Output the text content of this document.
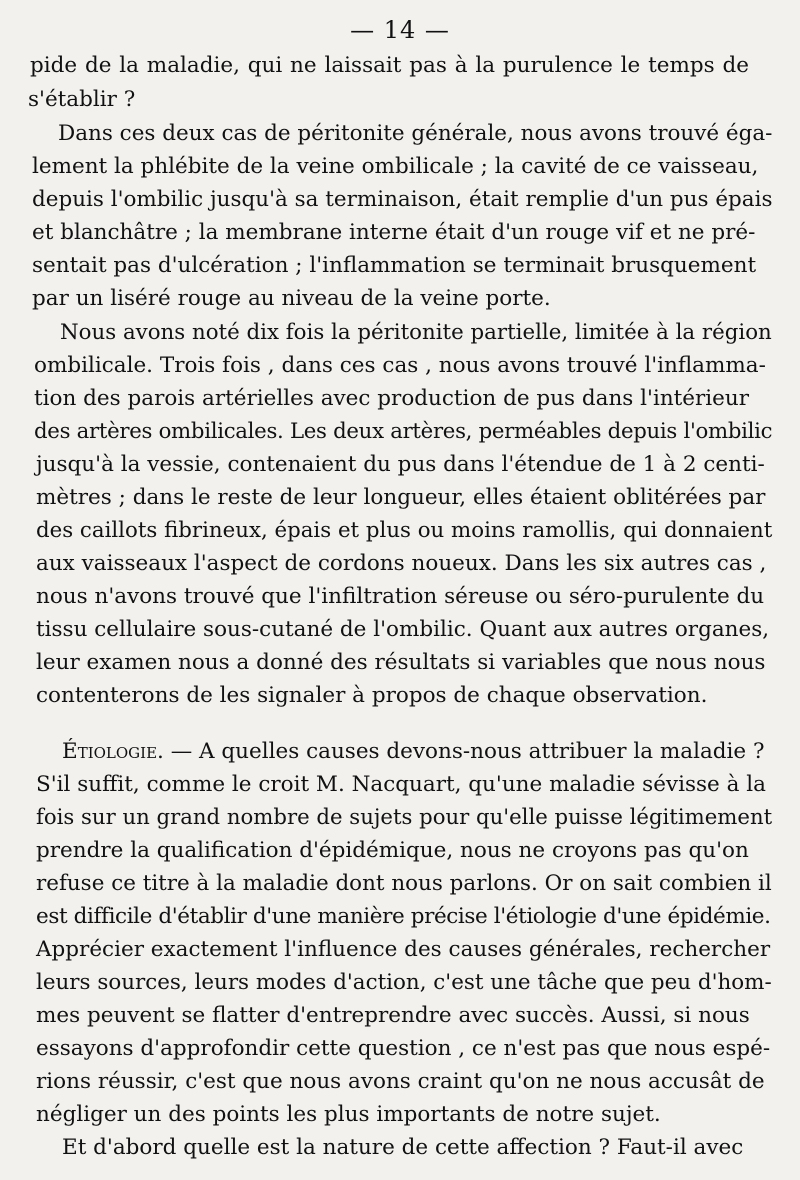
— 14 —
pide de la maladie, qui ne laissait pas à la purulence le temps de
s'établir ?
Dans ces deux cas de péritonite générale, nous avons trouvé éga-
lement la phlébite de la veine ombilicale ; la cavité de ce vaisseau,
depuis l'ombilic jusqu'à sa terminaison, était remplie d'un pus épais
et blanchâtre ; la membrane interne était d'un rouge vif et ne pré-
sentait pas d'ulcération ; l'inflammation se terminait brusquement
par un liséré rouge au niveau de la veine porte.
Nous avons noté dix fois la péritonite partielle, limitée à la région
ombilicale. Trois fois , dans ces cas , nous avons trouvé l'inflamma-
tion des parois artérielles avec production de pus dans l'intérieur
des artères ombilicales. Les deux artères, perméables depuis l'ombilic
jusqu'à la vessie, contenaient du pus dans l'étendue de 1 à 2 centi-
mètres ; dans le reste de leur longueur, elles étaient oblitérées par
des caillots fibrineux, épais et plus ou moins ramollis, qui donnaient
aux vaisseaux l'aspect de cordons noueux. Dans les six autres cas ,
nous n'avons trouvé que l'infiltration séreuse ou séro-purulente du
tissu cellulaire sous-cutané de l'ombilic. Quant aux autres organes,
leur examen nous a donné des résultats si variables que nous nous
contenterons de les signaler à propos de chaque observation.
Étiologie. — A quelles causes devons-nous attribuer la maladie ?
S'il suffit, comme le croit M. Nacquart, qu'une maladie sévisse à la
fois sur un grand nombre de sujets pour qu'elle puisse légitimement
prendre la qualification d'épidémique, nous ne croyons pas qu'on
refuse ce titre à la maladie dont nous parlons. Or on sait combien il
est difficile d'établir d'une manière précise l'étiologie d'une épidémie.
Apprécier exactement l'influence des causes générales, rechercher
leurs sources, leurs modes d'action, c'est une tâche que peu d'hom-
mes peuvent se flatter d'entreprendre avec succès. Aussi, si nous
essayons d'approfondir cette question , ce n'est pas que nous espé-
rions réussir, c'est que nous avons craint qu'on ne nous accusât de
négliger un des points les plus importants de notre sujet.
Et d'abord quelle est la nature de cette affection ? Faut-il avec
